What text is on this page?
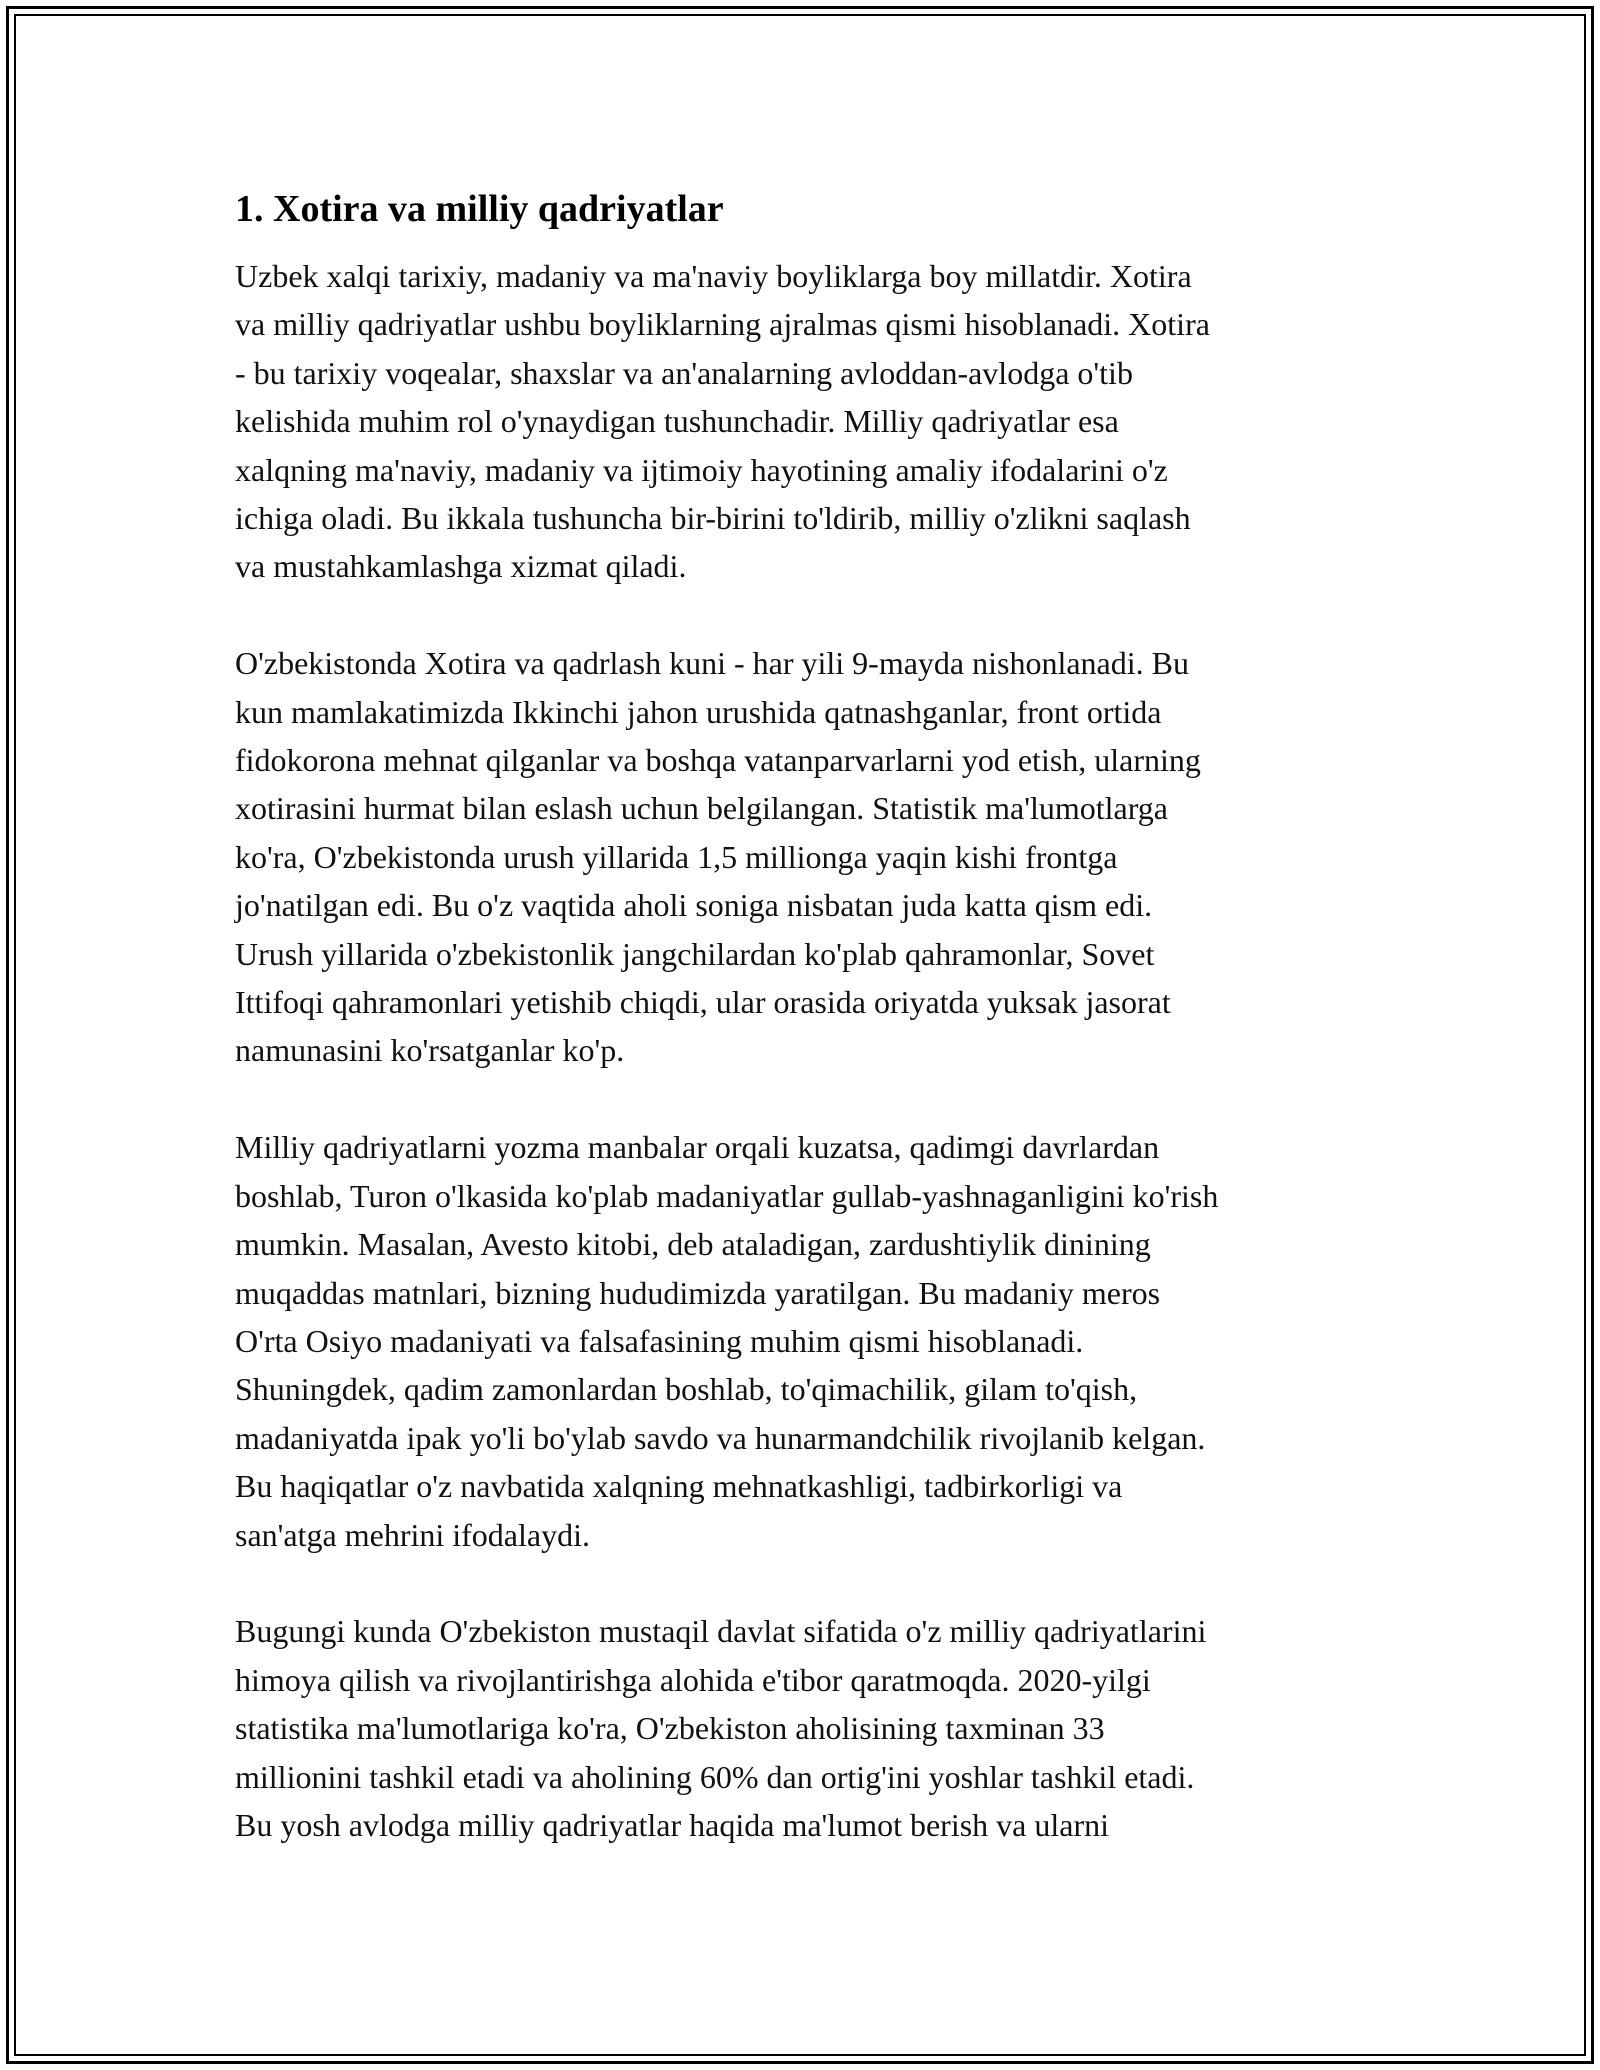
1. Xotira va milliy qadriyatlar

Uzbek xalqi tarixiy, madaniy va ma'naviy boyliklarga boy millatdir. Xotira
va milliy qadriyatlar ushbu boyliklarning ajralmas qismi hisoblanadi. Xotira
- bu tarixiy voqealar, shaxslar va an'analarning avloddan-avlodga o'tib
kelishida muhim rol o'ynaydigan tushunchadir. Milliy qadriyatlar esa
xalqning ma'naviy, madaniy va ijtimoiy hayotining amaliy ifodalarini o'z
ichiga oladi. Bu ikkala tushuncha bir-birini to'ldirib, milliy o'zlikni saqlash
va mustahkamlashga xizmat qiladi.

O'zbekistonda Xotira va qadrlash kuni - har yili 9-mayda nishonlanadi. Bu
kun mamlakatimizda Ikkinchi jahon urushida qatnashganlar, front ortida
fidokorona mehnat qilganlar va boshqa vatanparvarlarni yod etish, ularning
xotirasini hurmat bilan eslash uchun belgilangan. Statistik ma'lumotlarga
ko'ra, O'zbekistonda urush yillarida 1,5 millionga yaqin kishi frontga
jo'natilgan edi. Bu o'z vaqtida aholi soniga nisbatan juda katta qism edi.
Urush yillarida o'zbekistonlik jangchilardan ko'plab qahramonlar, Sovet
Ittifoqi qahramonlari yetishib chiqdi, ular orasida oriyatda yuksak jasorat
namunasini ko'rsatganlar ko'p.

Milliy qadriyatlarni yozma manbalar orqali kuzatsa, qadimgi davrlardan
boshlab, Turon o'lkasida ko'plab madaniyatlar gullab-yashnaganligini ko'rish
mumkin. Masalan, Avesto kitobi, deb ataladigan, zardushtiylik dinining
muqaddas matnlari, bizning hududimizda yaratilgan. Bu madaniy meros
O'rta Osiyo madaniyati va falsafasining muhim qismi hisoblanadi.
Shuningdek, qadim zamonlardan boshlab, to'qimachilik, gilam to'qish,
madaniyatda ipak yo'li bo'ylab savdo va hunarmandchilik rivojlanib kelgan.
Bu haqiqatlar o'z navbatida xalqning mehnatkashligi, tadbirkorligi va
san'atga mehrini ifodalaydi.

Bugungi kunda O'zbekiston mustaqil davlat sifatida o'z milliy qadriyatlarini
himoya qilish va rivojlantirishga alohida e'tibor qaratmoqda. 2020-yilgi
statistika ma'lumotlariga ko'ra, O'zbekiston aholisining taxminan 33
millionini tashkil etadi va aholining 60% dan ortig'ini yoshlar tashkil etadi.
Bu yosh avlodga milliy qadriyatlar haqida ma'lumot berish va ularni
